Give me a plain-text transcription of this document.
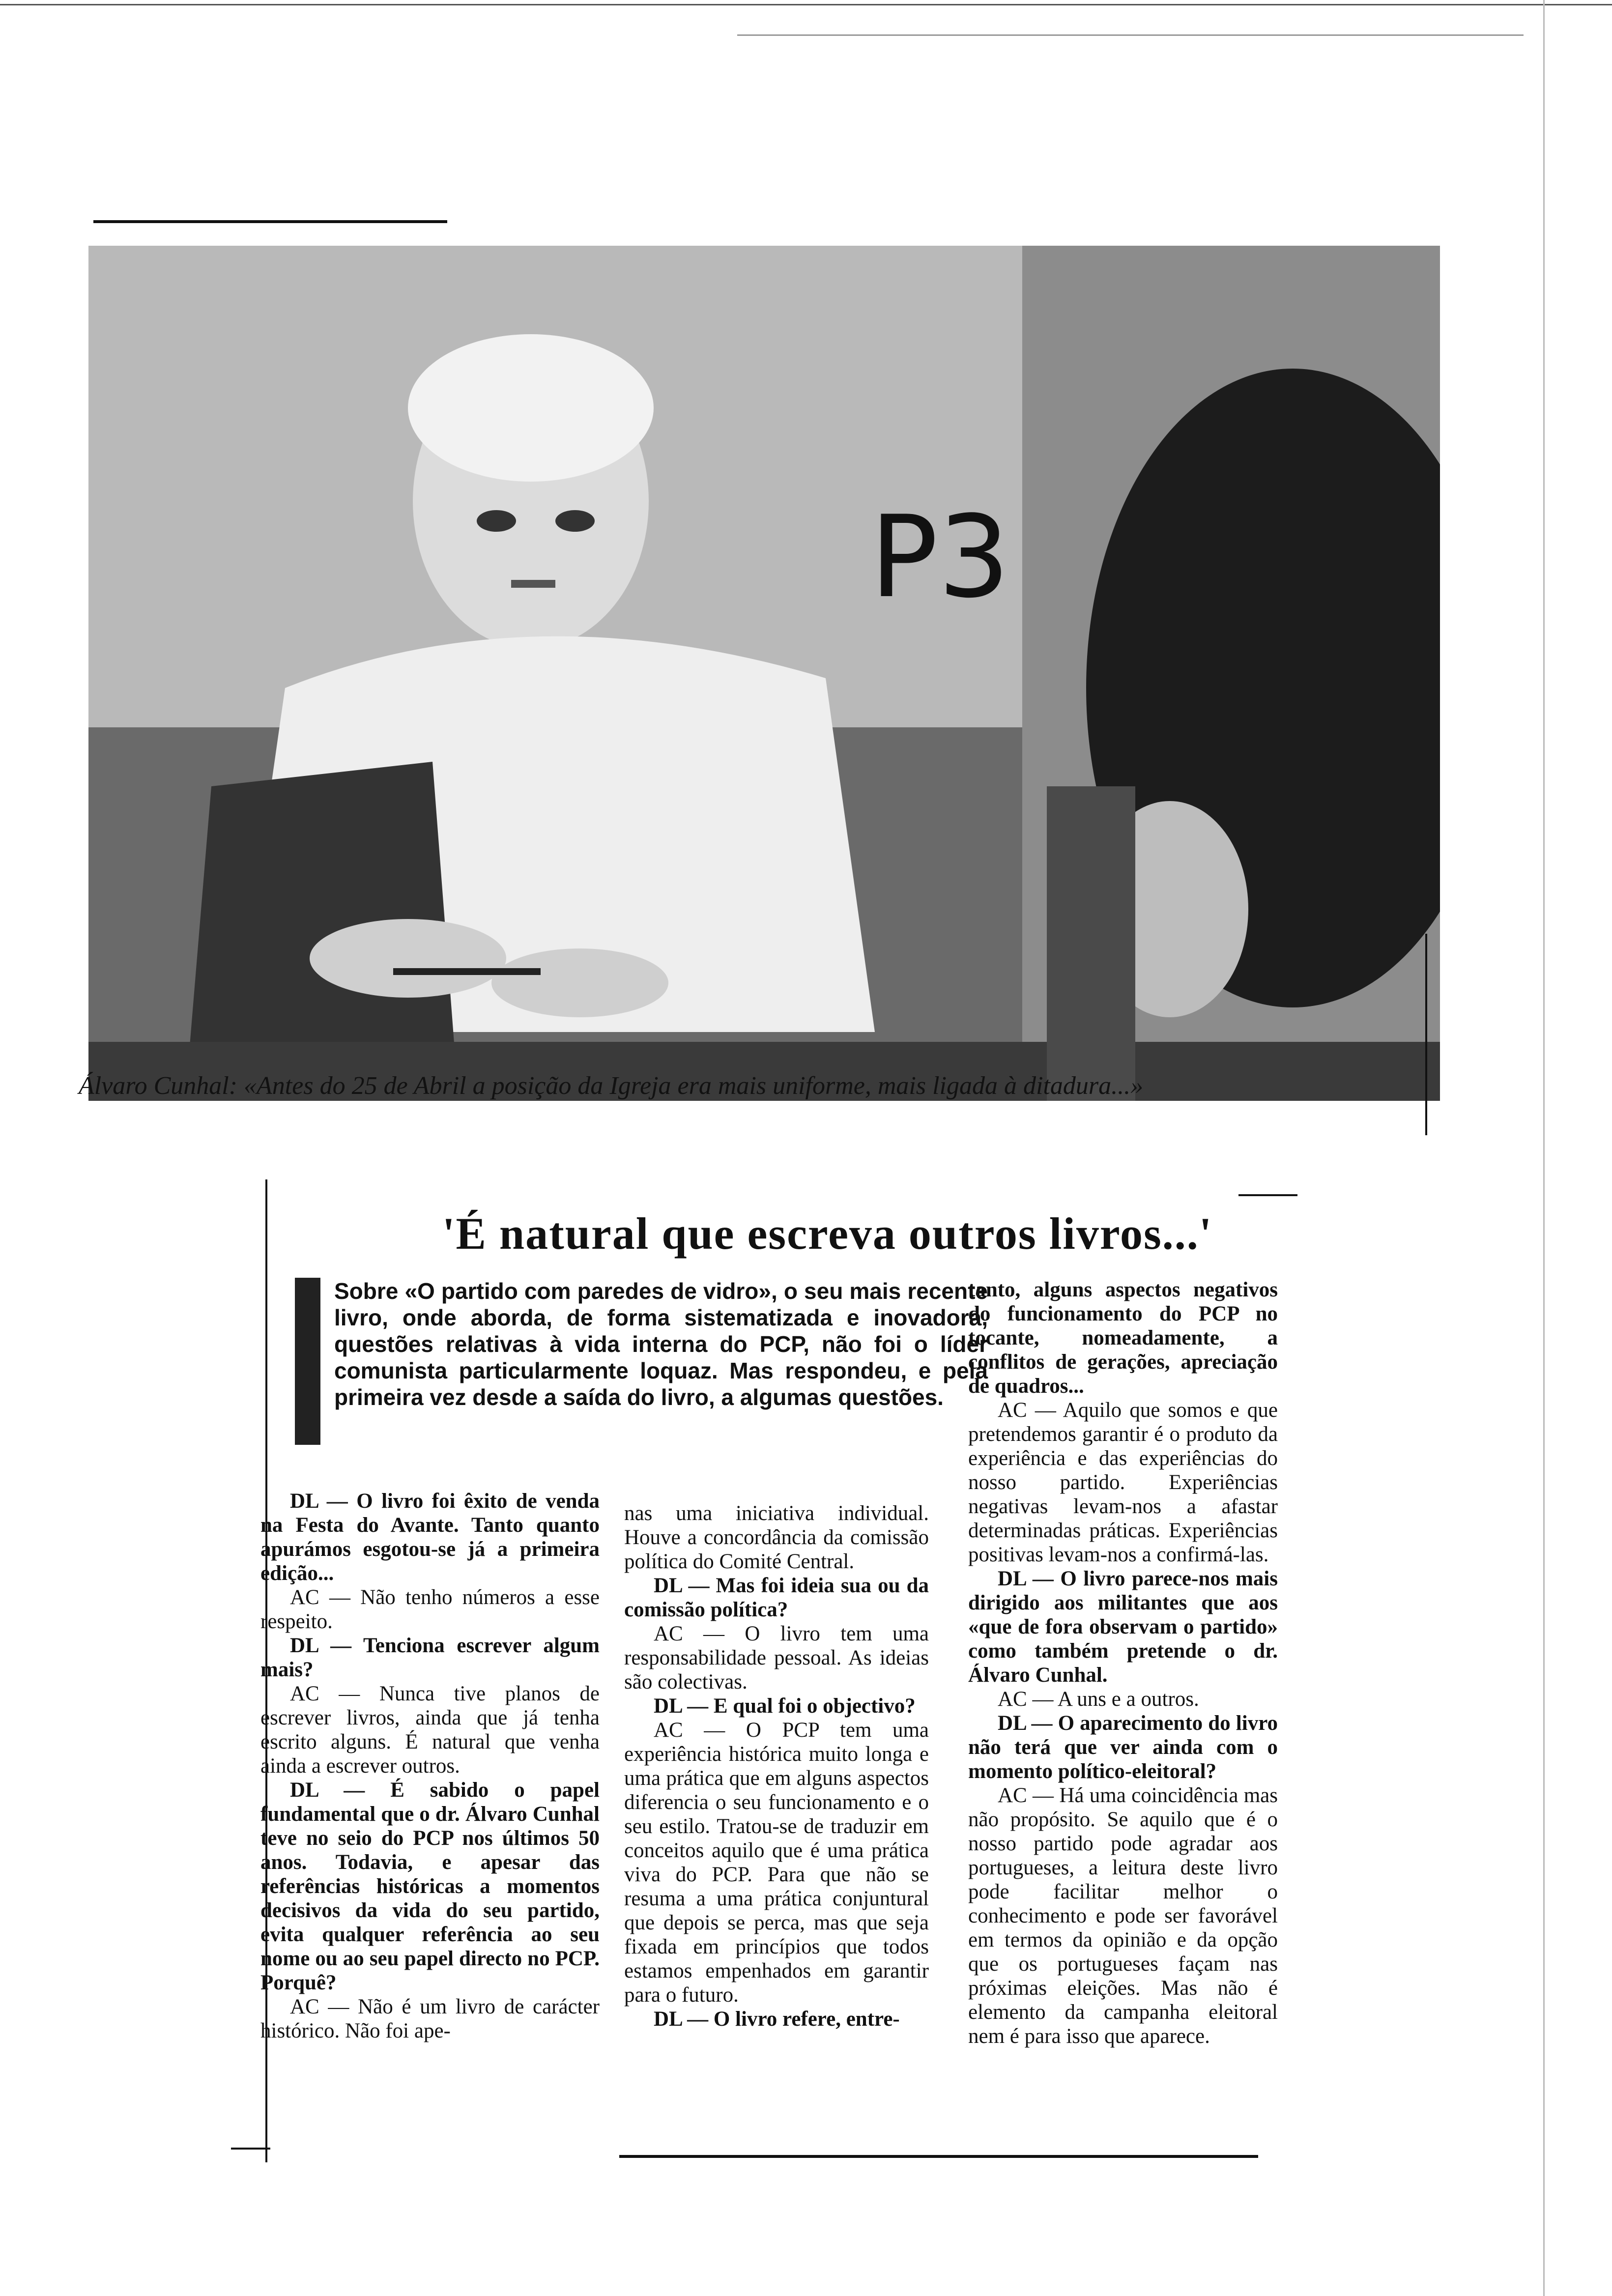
P3
Álvaro Cunhal: «Antes do 25 de Abril a posição da Igreja era mais uniforme, mais ligada à ditadura...»
'É natural que escreva outros livros...'
Sobre «O partido com paredes de vidro», o seu mais recente livro, onde aborda, de forma sistematizada e inovadora, questões relativas à vida interna do PCP, não foi o líder comunista particularmente loquaz. Mas respondeu, e pela primeira vez desde a saída do livro, a algumas questões.

DL — O livro foi êxito de venda na Festa do Avante. Tanto quanto apurámos esgotou-se já a primeira edição...

AC — Não tenho números a esse respeito.

DL — Tenciona escrever algum mais?

AC — Nunca tive planos de escrever livros, ainda que já tenha escrito alguns. É natural que venha ainda a escrever outros.

DL — É sabido o papel fundamental que o dr. Álvaro Cunhal teve no seio do PCP nos últimos 50 anos. Todavia, e apesar das referências históricas a momentos decisivos da vida do seu partido, evita qualquer referência ao seu nome ou ao seu papel directo no PCP. Porquê?

AC — Não é um livro de carácter histórico. Não foi ape-

nas uma iniciativa individual. Houve a concordância da comissão política do Comité Central.

DL — Mas foi ideia sua ou da comissão política?

AC — O livro tem uma responsabilidade pessoal. As ideias são colectivas.

DL — E qual foi o objectivo?

AC — O PCP tem uma experiência histórica muito longa e uma prática que em alguns aspectos diferencia o seu funcionamento e o seu estilo. Tratou-se de traduzir em conceitos aquilo que é uma prática viva do PCP. Para que não se resuma a uma prática conjuntural que depois se perca, mas que seja fixada em princípios que todos estamos empenhados em garantir para o futuro.

DL — O livro refere, entre-

tanto, alguns aspectos negativos do funcionamento do PCP no tocante, nomeadamente, a conflitos de gerações, apreciação de quadros...

AC — Aquilo que somos e que pretendemos garantir é o produto da experiência e das experiências do nosso partido. Experiências negativas levam-nos a afastar determinadas práticas. Experiências positivas levam-nos a confirmá-las.

DL — O livro parece-nos mais dirigido aos militantes que aos «que de fora observam o partido» como também pretende o dr. Álvaro Cunhal.

AC — A uns e a outros.

DL — O aparecimento do livro não terá que ver ainda com o momento político-eleitoral?

AC — Há uma coincidência mas não propósito. Se aquilo que é o nosso partido pode agradar aos portugueses, a leitura deste livro pode facilitar melhor o conhecimento e pode ser favorável em termos da opinião e da opção que os portugueses façam nas próximas eleições. Mas não é elemento da campanha eleitoral nem é para isso que aparece.
